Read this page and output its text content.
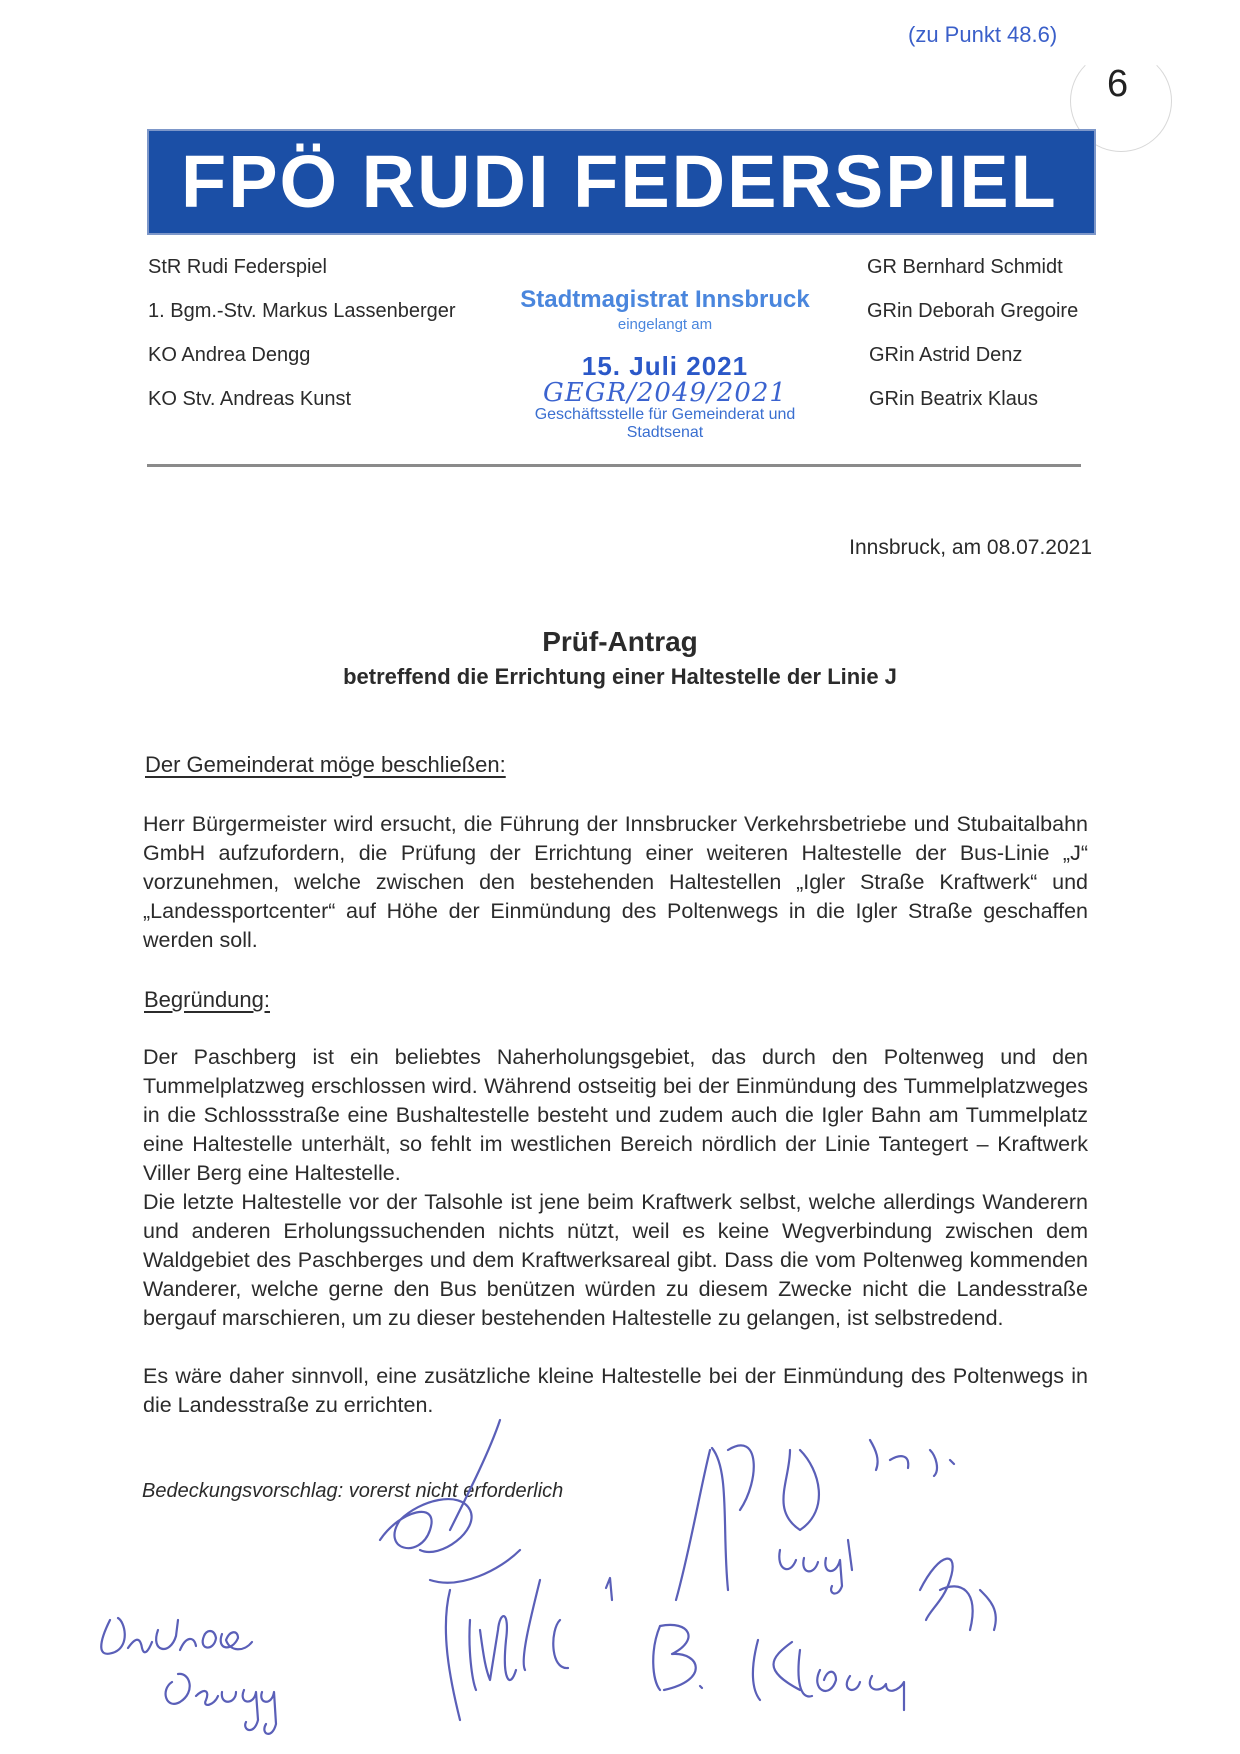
(zu Punkt 48.6)
6
FPÖ RUDI FEDERSPIEL
StR Rudi Federspiel
1. Bgm.-Stv. Markus Lassenberger
KO Andrea Dengg
KO Stv. Andreas Kunst
GR Bernhard Schmidt
GRin Deborah Gregoire
GRin Astrid Denz
GRin Beatrix Klaus
Stadtmagistrat Innsbruck
eingelangt am
15. Juli 2021
GEGR/2049/2021
Geschäftsstelle für Gemeinderat und Stadtsenat
Innsbruck, am 08.07.2021
Prüf-Antrag
betreffend die Errichtung einer Haltestelle der Linie J
Der Gemeinderat möge beschließen:
Herr Bürgermeister wird ersucht, die Führung der Innsbrucker Verkehrsbetriebe und Stubaitalbahn GmbH aufzufordern, die Prüfung der Errichtung einer weiteren Haltestelle der Bus-Linie „J“ vorzunehmen, welche zwischen den bestehenden Haltestellen „Igler Straße Kraftwerk“ und „Landessportcenter“ auf Höhe der Einmündung des Poltenwegs in die Igler Straße geschaffen werden soll.
Begründung:
Der Paschberg ist ein beliebtes Naherholungsgebiet, das durch den Poltenweg und den Tummelplatzweg erschlossen wird. Während ostseitig bei der Einmündung des Tummelplatzweges in die Schlossstraße eine Bushaltestelle besteht und zudem auch die Igler Bahn am Tummelplatz eine Haltestelle unterhält, so fehlt im westlichen Bereich nördlich der Linie Tantegert – Kraftwerk Viller Berg eine Haltestelle.
Die letzte Haltestelle vor der Talsohle ist jene beim Kraftwerk selbst, welche allerdings Wanderern und anderen Erholungssuchenden nichts nützt, weil es keine Wegverbindung zwischen dem Waldgebiet des Paschberges und dem Kraftwerksareal gibt. Dass die vom Poltenweg kommenden Wanderer, welche gerne den Bus benützen würden zu diesem Zwecke nicht die Landesstraße bergauf marschieren, um zu dieser bestehenden Haltestelle zu gelangen, ist selbstredend.
Es wäre daher sinnvoll, eine zusätzliche kleine Haltestelle bei der Einmündung des Poltenwegs in die Landesstraße zu errichten.
Bedeckungsvorschlag: vorerst nicht erforderlich
